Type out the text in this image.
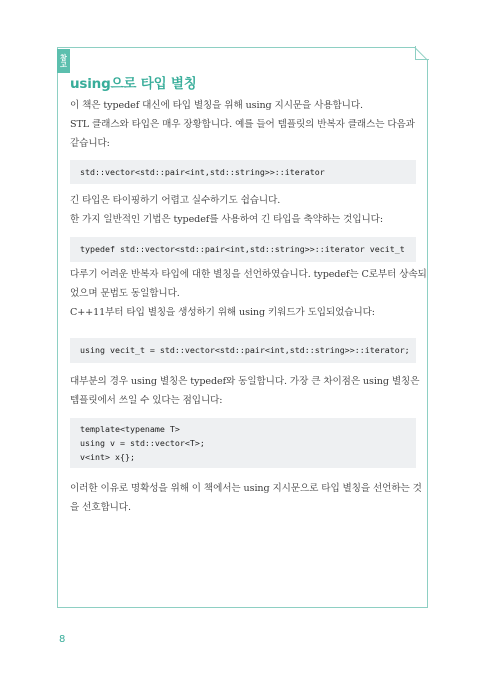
참고
using으로 타입 별칭
이 책은 typedef 대신에 타입 별칭을 위해 using 지시문을 사용합니다.
STL 클래스와 타입은 매우 장황합니다. 예를 들어 템플릿의 반복자 클래스는 다음과
같습니다:
std::vector<std::pair<int,std::string>>::iterator
긴 타입은 타이핑하기 어렵고 실수하기도 쉽습니다.
한 가지 일반적인 기법은 typedef를 사용하여 긴 타입을 축약하는 것입니다:
typedef std::vector<std::pair<int,std::string>>::iterator vecit_t
다루기 어려운 반복자 타입에 대한 별칭을 선언하였습니다. typedef는 C로부터 상속되
었으며 문법도 동일합니다.
C++11부터 타입 별칭을 생성하기 위해 using 키워드가 도입되었습니다:
using vecit_t = std::vector<std::pair<int,std::string>>::iterator;
대부분의 경우 using 별칭은 typedef와 동일합니다. 가장 큰 차이점은 using 별칭은
템플릿에서 쓰일 수 있다는 점입니다:
template<typename T>
using v = std::vector<T>;
v<int> x{};
이러한 이유로 명확성을 위해 이 책에서는 using 지시문으로 타입 별칭을 선언하는 것
을 선호합니다.
8
